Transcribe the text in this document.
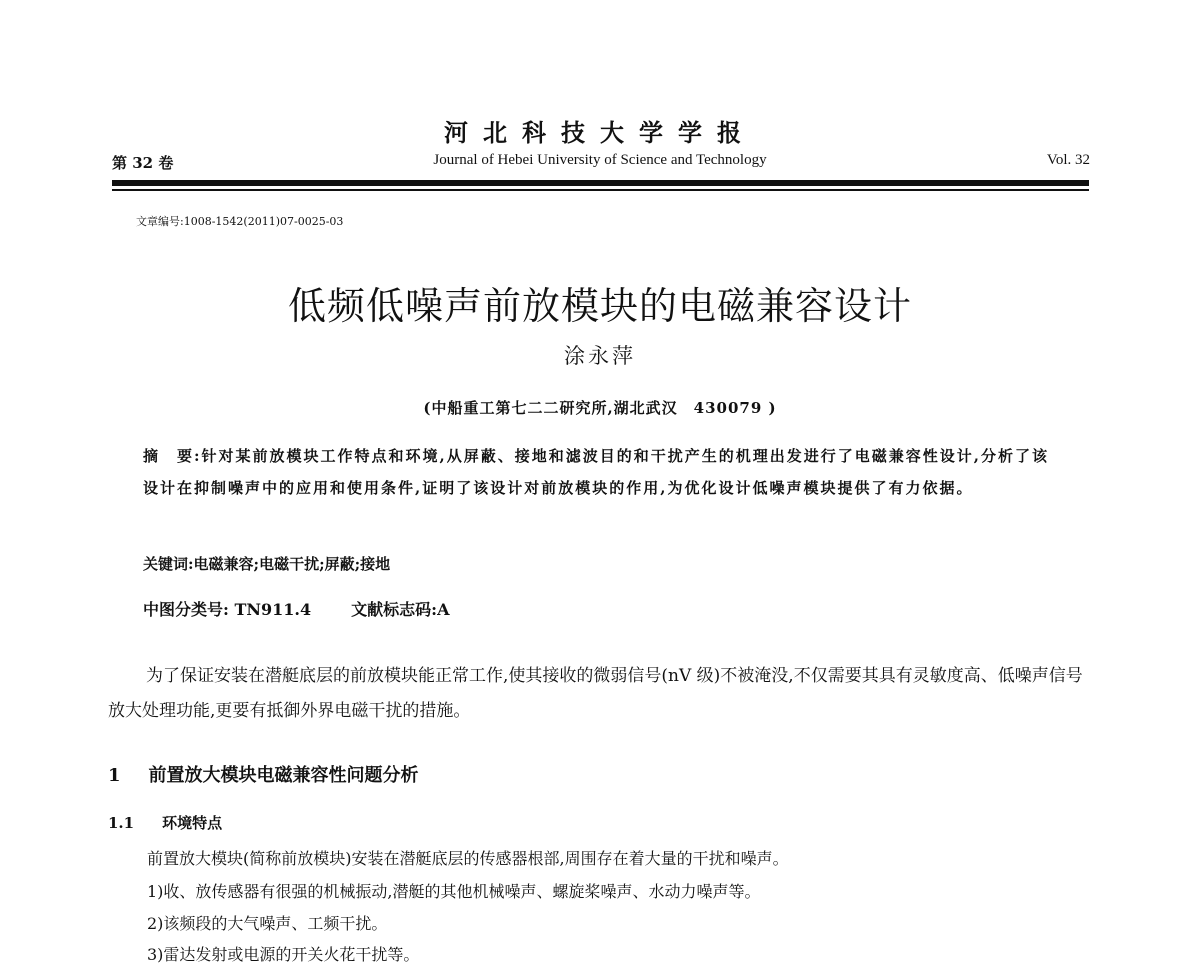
河北科技大学学报
第 32 卷	Journal of Hebei University of Science and Technology	Vol. 32
文章编号:1008-1542(2011)07-0025-03
低频低噪声前放模块的电磁兼容设计
涂永萍
(中船重工第七二二研究所,湖北武汉　430079 )
摘　要:针对某前放模块工作特点和环境,从屏蔽、接地和滤波目的和干扰产生的机理出发进行了电磁兼容性设计,分析了该设计在抑制噪声中的应用和使用条件,证明了该设计对前放模块的作用,为优化设计低噪声模块提供了有力依据。
关键词:电磁兼容;电磁干扰;屏蔽;接地
中图分类号: TN911.4	文献标志码:A
为了保证安装在潜艇底层的前放模块能正常工作,使其接收的微弱信号(nV 级)不被淹没,不仅需要其具有灵敏度高、低噪声信号放大处理功能,更要有抵御外界电磁干扰的措施。
1 前置放大模块电磁兼容性问题分析
1.1 环境特点
前置放大模块(简称前放模块)安装在潜艇底层的传感器根部,周围存在着大量的干扰和噪声。
1)收、放传感器有很强的机械振动,潜艇的其他机械噪声、螺旋桨噪声、水动力噪声等。
2)该频段的大气噪声、工频干扰。
3)雷达发射或电源的开关火花干扰等。
